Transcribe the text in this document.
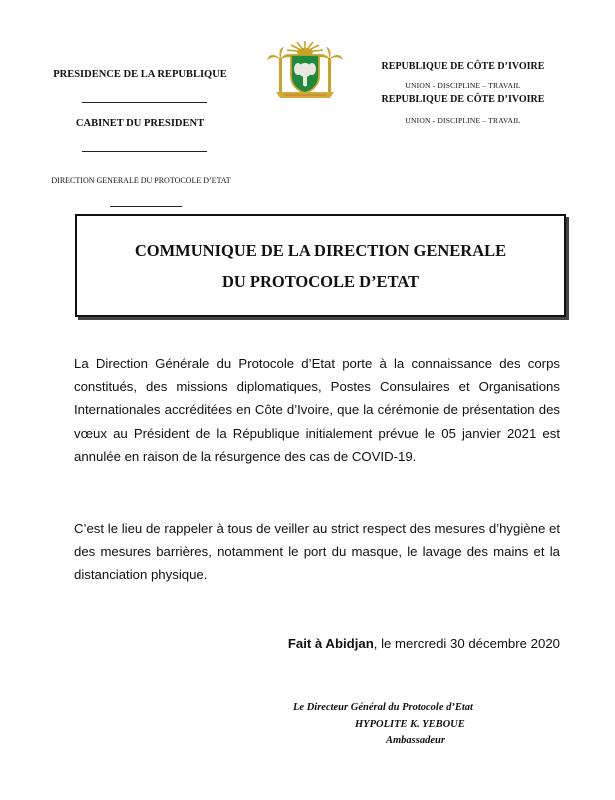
PRESIDENCE DE LA REPUBLIQUE
CABINET DU PRESIDENT
DIRECTION GENERALE DU PROTOCOLE D’ETAT
REPUBLIQUE DE CÔTE D’IVOIRE
UNION - DISCIPLINE – TRAVAIL
REPUBLIQUE DE CÔTE D’IVOIRE
UNION - DISCIPLINE – TRAVAIL
COMMUNIQUE DE LA DIRECTION GENERALE
DU PROTOCOLE D’ETAT
La Direction Générale du Protocole d’Etat porte à la connaissance des corps constitués, des missions diplomatiques, Postes Consulaires et Organisations Internationales accréditées en Côte d’Ivoire, que la cérémonie de présentation des vœux au Président de la République initialement prévue le 05 janvier 2021 est annulée en raison de la résurgence des cas de COVID-19.
C’est le lieu de rappeler à tous de veiller au strict respect des mesures d’hygiène et des mesures barrières, notamment le port du masque, le lavage des mains et la distanciation physique.
Fait à Abidjan, le mercredi 30 décembre 2020
Le Directeur Général du Protocole d’Etat
HYPOLITE K. YEBOUE
Ambassadeur
